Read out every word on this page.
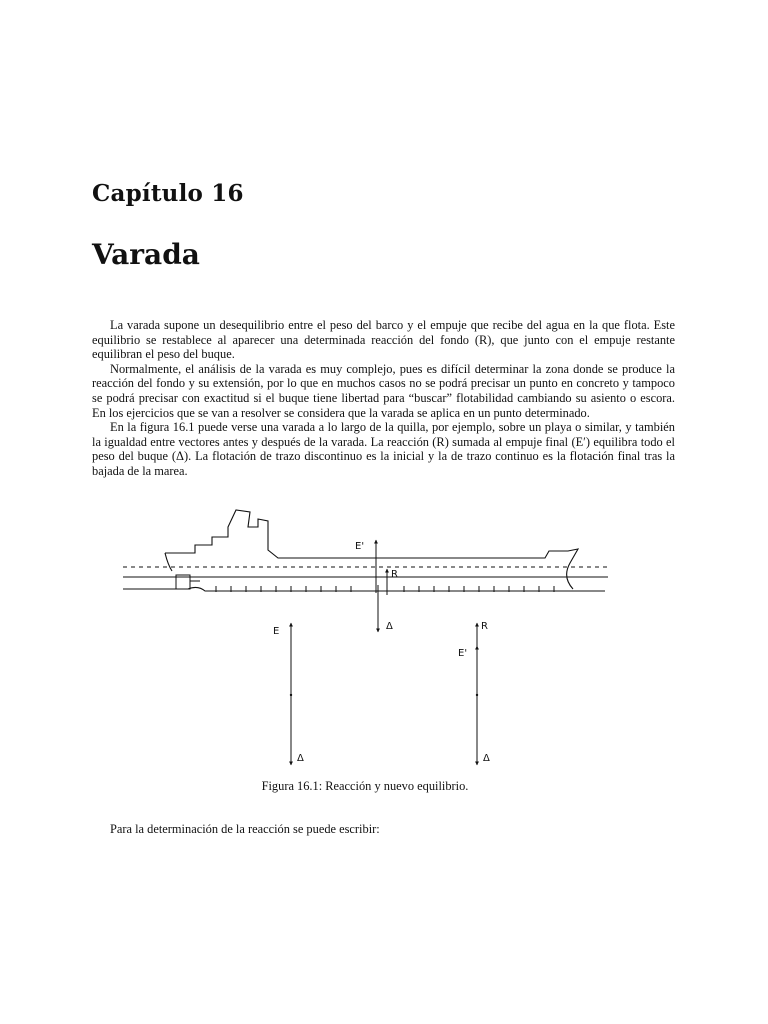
Capítulo 16
Varada

La varada supone un desequilibrio entre el peso del barco y el empuje que recibe del agua en la que flota. Este equilibrio se restablece al aparecer una determinada reacción del fondo (R), que junto con el empuje restante equilibran el peso del buque.

Normalmente, el análisis de la varada es muy complejo, pues es difícil determinar la zona donde se produce la reacción del fondo y su extensión, por lo que en muchos casos no se podrá precisar un punto en concreto y tampoco se podrá precisar con exactitud si el buque tiene libertad para “buscar” flotabilidad cambiando su asiento o escora. En los ejercicios que se van a resolver se considera que la varada se aplica en un punto determinado.

En la figura 16.1 puede verse una varada a lo largo de la quilla, por ejemplo, sobre un playa o similar, y también la igualdad entre vectores antes y después de la varada. La reacción (R) sumada al empuje final (E′) equilibra todo el peso del buque (Δ). La flotación de trazo discontinuo es la inicial y la de trazo continuo es la flotación final tras la bajada de la marea.

E'
R
Δ
E
Δ
R
E'
Δ

Figura 16.1: Reacción y nuevo equilibrio.

Para la determinación de la reacción se puede escribir:
